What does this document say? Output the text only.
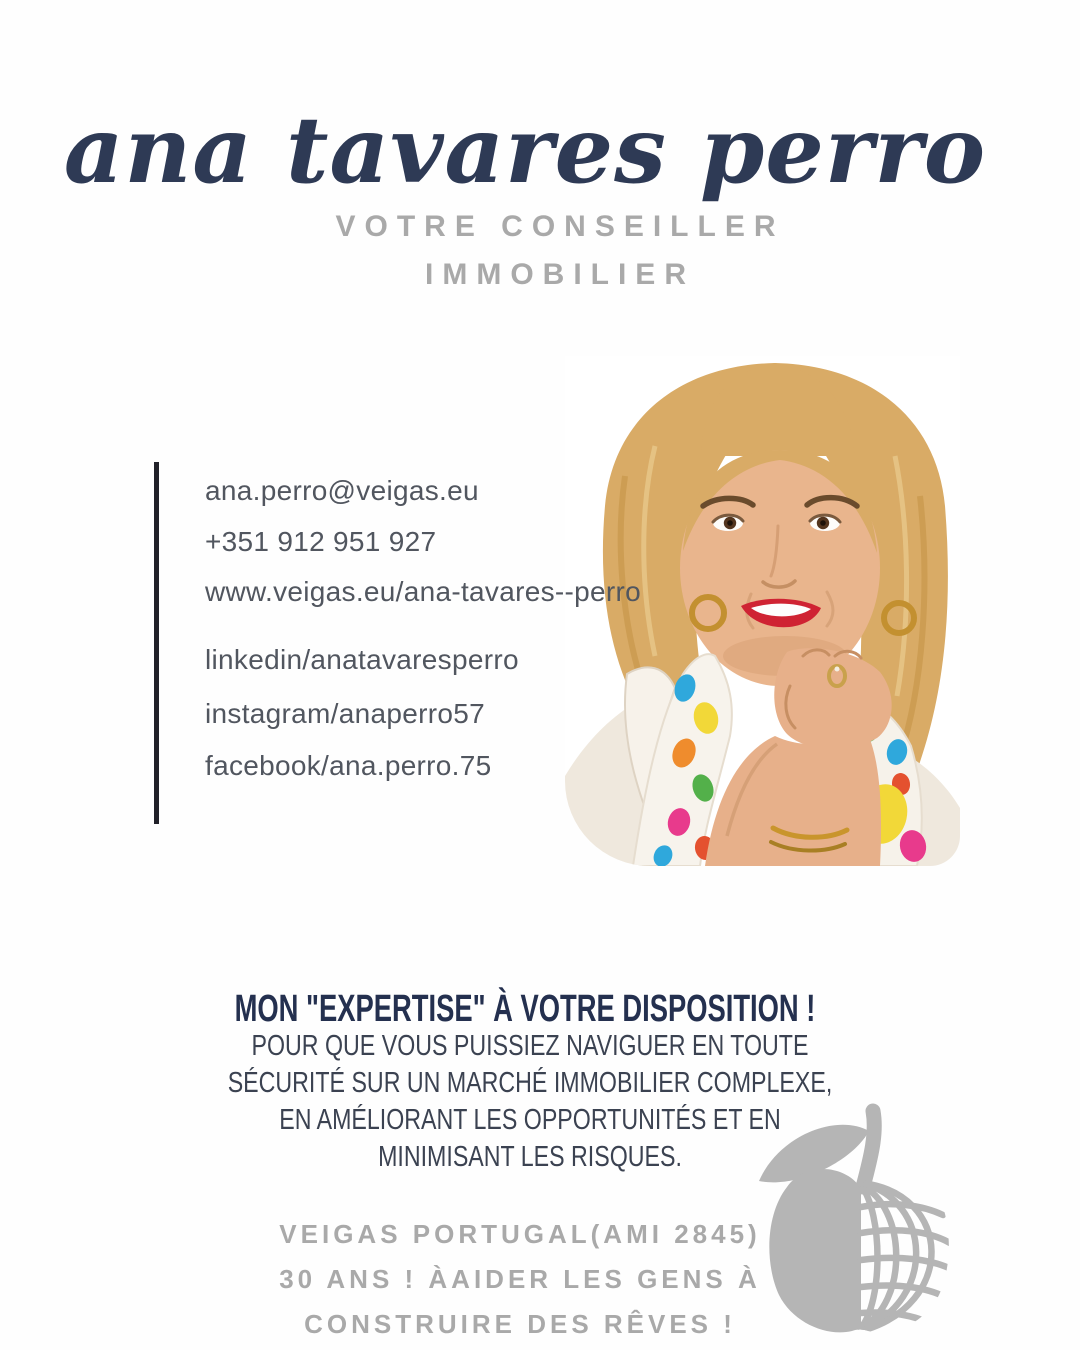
ana tavares perro
VOTRE CONSEILLER
IMMOBILIER
ana.perro@veigas.eu
+351 912 951 927
www.veigas.eu/ana-tavares--perro
linkedin/anatavaresperro
instagram/anaperro57
facebook/ana.perro.75
MON "EXPERTISE" À VOTRE DISPOSITION !
POUR QUE VOUS PUISSIEZ NAVIGUER EN TOUTE
SÉCURITÉ SUR UN MARCHÉ IMMOBILIER COMPLEXE,
EN AMÉLIORANT LES OPPORTUNITÉS ET EN
MINIMISANT LES RISQUES.
VEIGAS PORTUGAL(AMI 2845)
30 ANS ! ÀAIDER LES GENS À
CONSTRUIRE DES RÊVES !
